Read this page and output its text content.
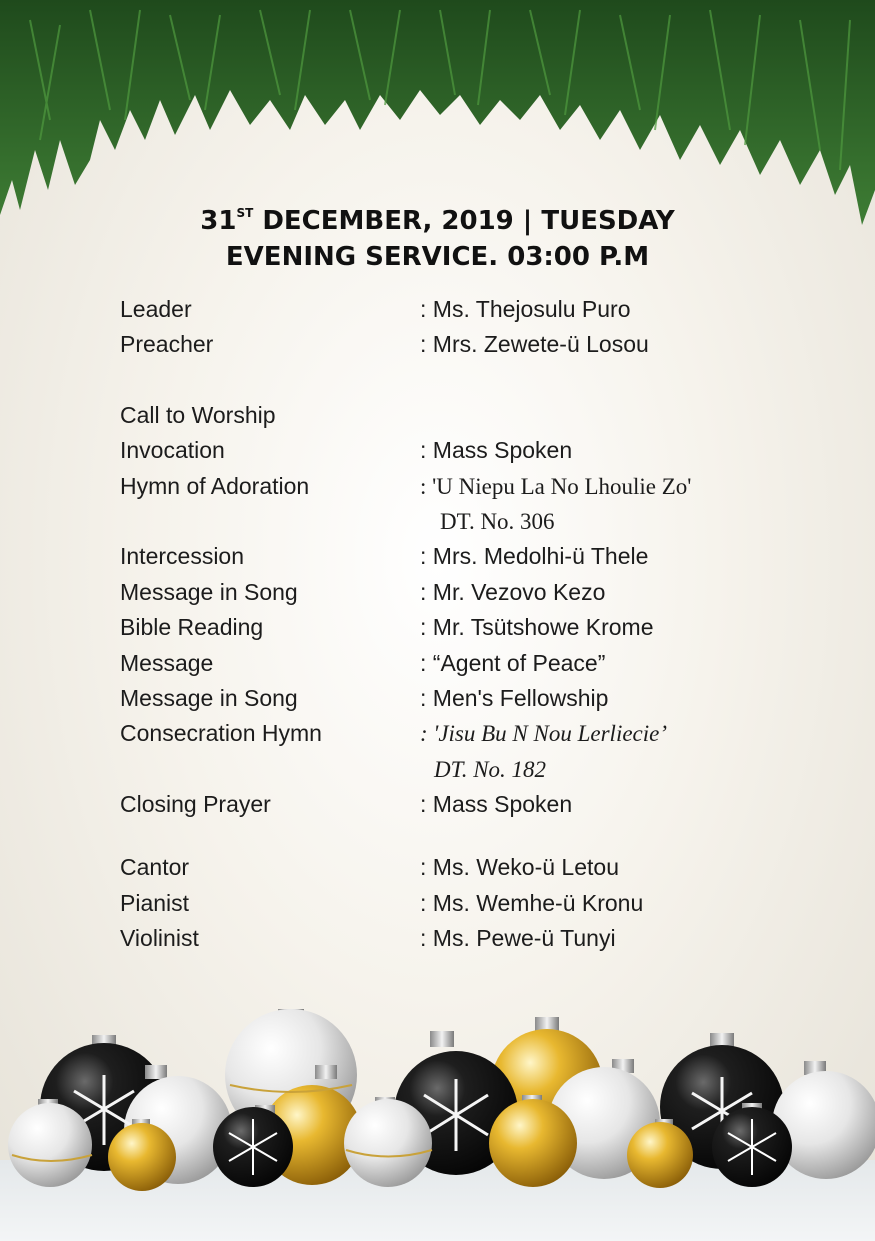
31ST DECEMBER, 2019 | TUESDAY
EVENING SERVICE. 03:00 P.M
Leader	: Ms. Thejosulu Puro
Preacher	: Mrs. Zewete-ü Losou
Call to Worship
Invocation	: Mass Spoken
Hymn of Adoration	: 'U Niepu La No Lhoulie Zo'
DT. No. 306
Intercession	: Mrs. Medolhi-ü Thele
Message in Song	: Mr. Vezovo Kezo
Bible Reading	: Mr. Tsütshowe Krome
Message	: “Agent of Peace”
Message in Song	: Men's Fellowship
Consecration Hymn	: 'Jisu Bu N Nou Lerliecie’
DT. No. 182
Closing Prayer	: Mass Spoken
Cantor	: Ms. Weko-ü Letou
Pianist	: Ms. Wemhe-ü Kronu
Violinist	: Ms. Pewe-ü Tunyi
